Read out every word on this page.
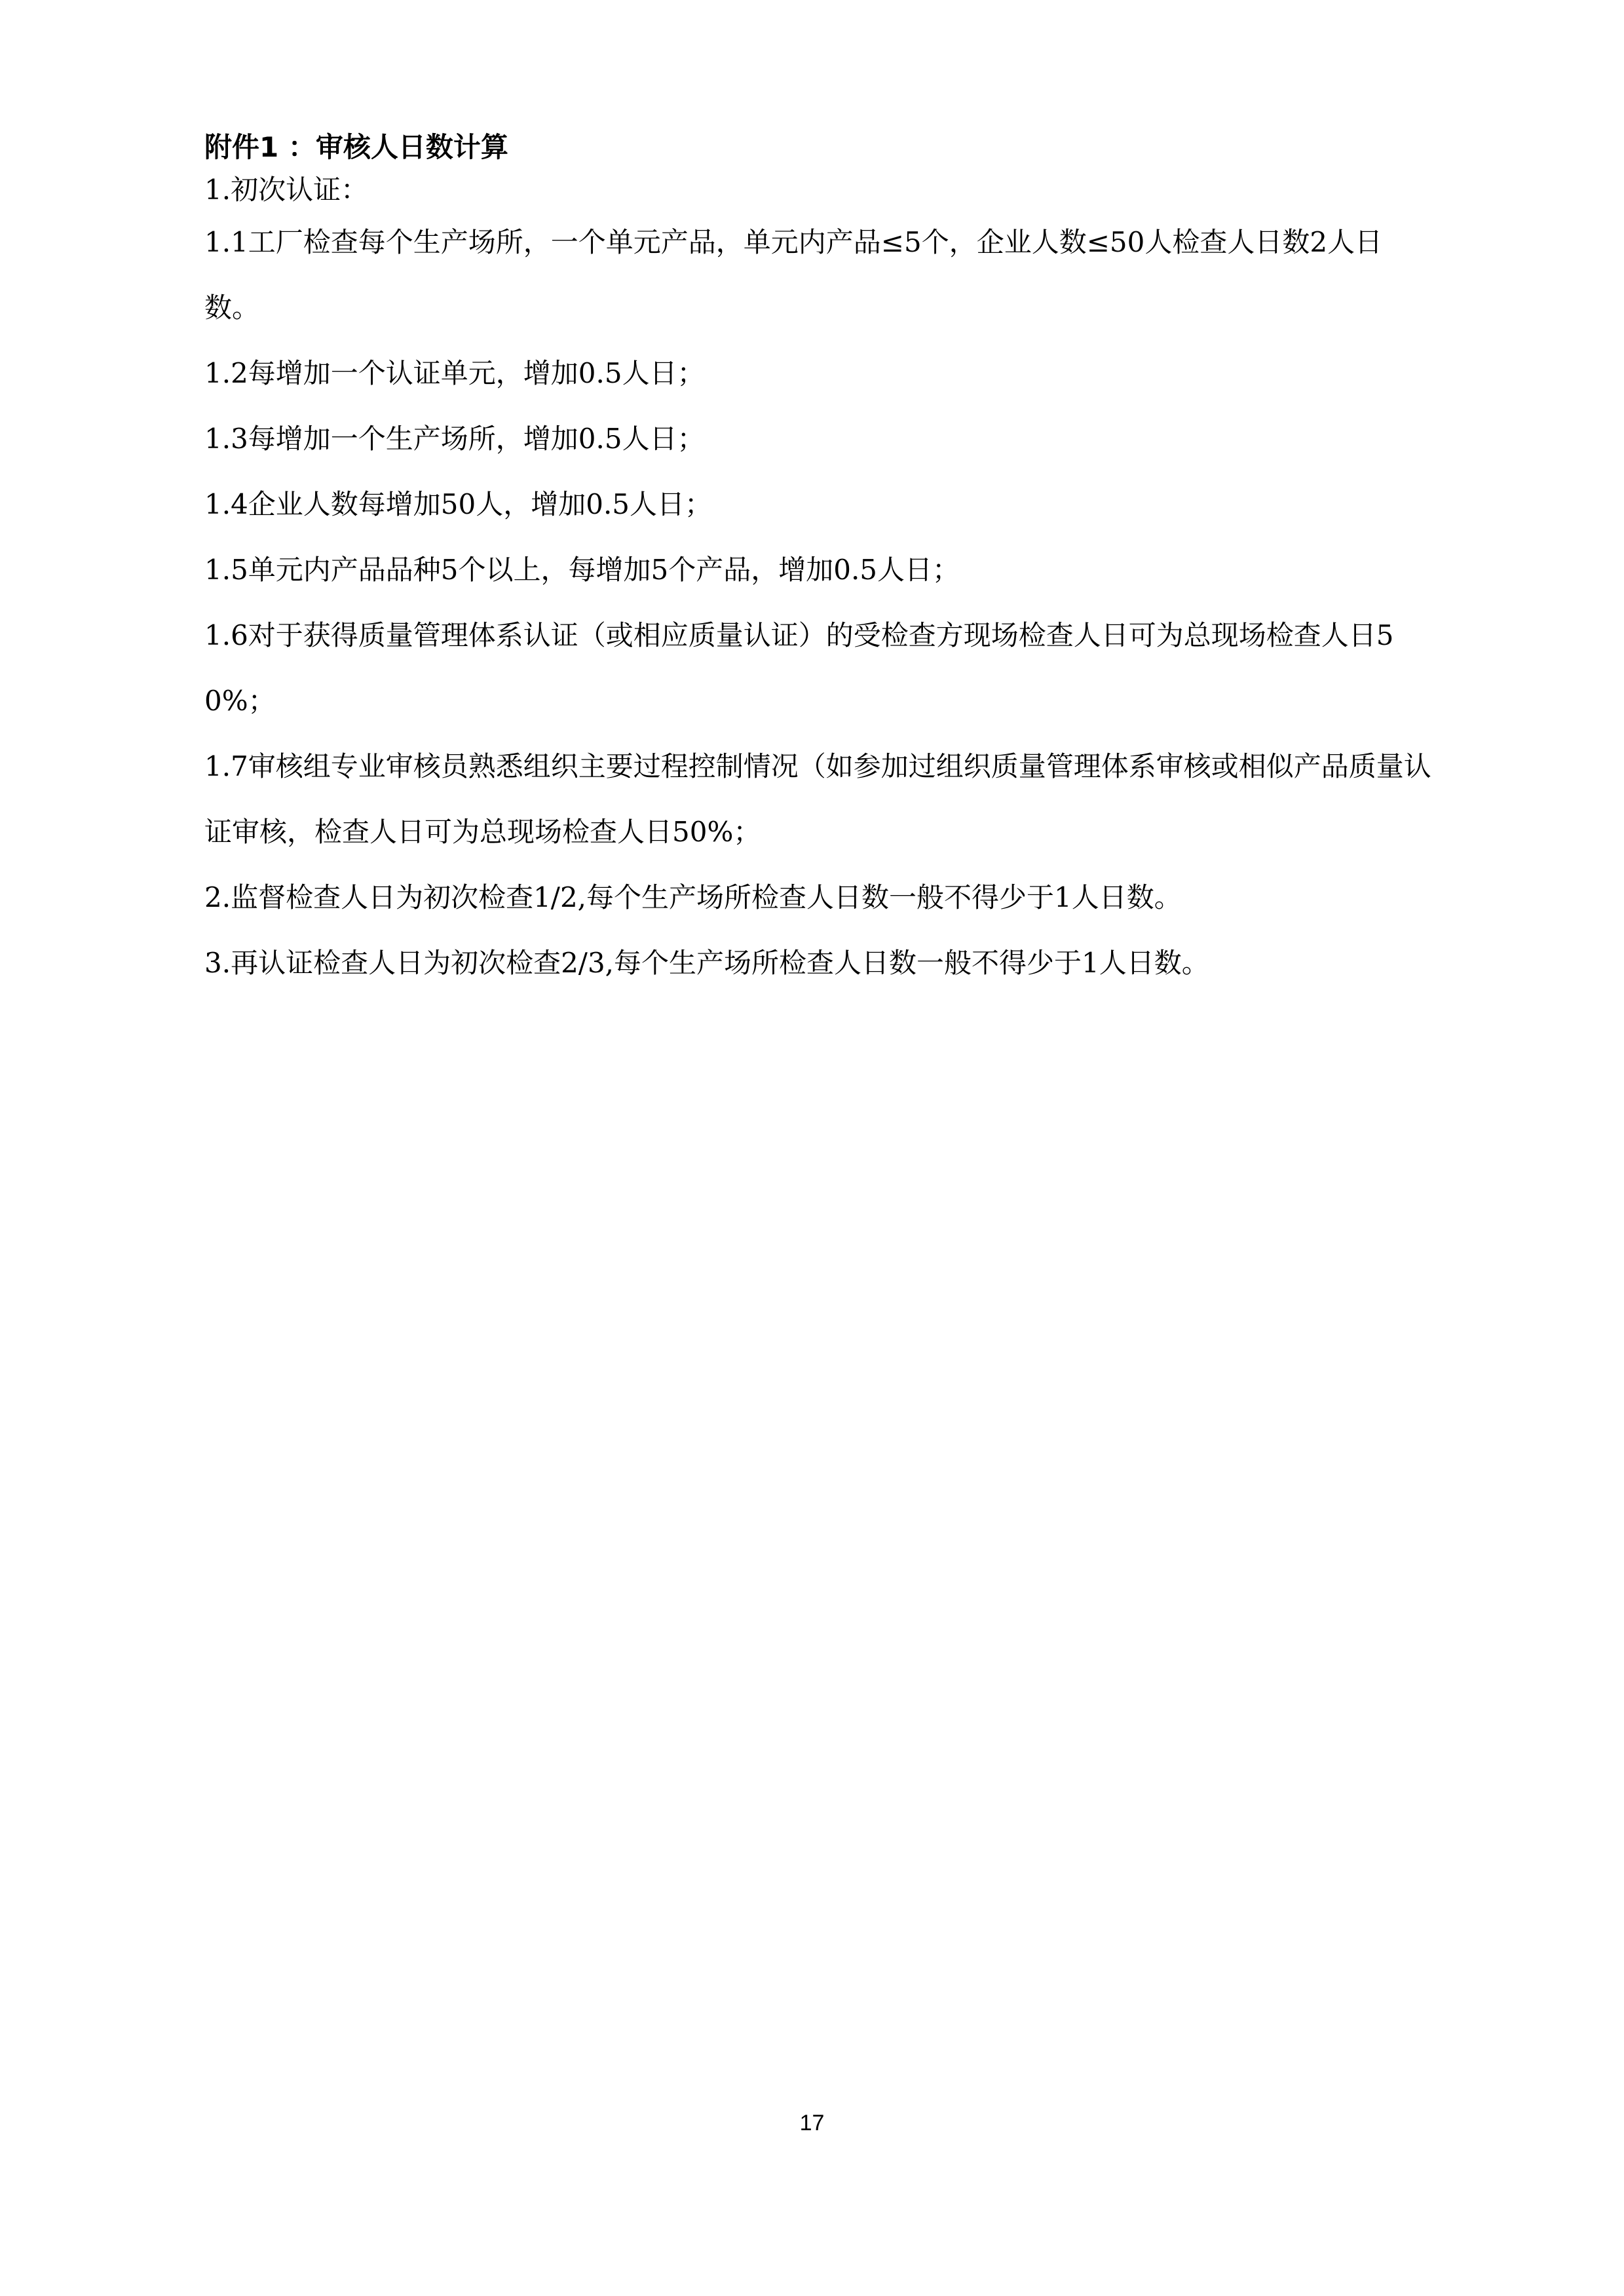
附件1 ：审核人日数计算

1.初次认证：

1.1工厂检查每个生产场所，一个单元产品，单元内产品≤5个，企业人数≤50人检查人日数2人日数。

1.2每增加一个认证单元，增加0.5人日；

1.3每增加一个生产场所，增加0.5人日；

1.4企业人数每增加50人，增加0.5人日；

1.5单元内产品品种5个以上，每增加5个产品，增加0.5人日；

1.6对于获得质量管理体系认证（或相应质量认证）的受检查方现场检查人日可为总现场检查人日50%；

1.7审核组专业审核员熟悉组织主要过程控制情况（如参加过组织质量管理体系审核或相似产品质量认证审核，检查人日可为总现场检查人日50%；

2.监督检查人日为初次检查1/2,每个生产场所检查人日数一般不得少于1人日数。

3.再认证检查人日为初次检查2/3,每个生产场所检查人日数一般不得少于1人日数。

17
